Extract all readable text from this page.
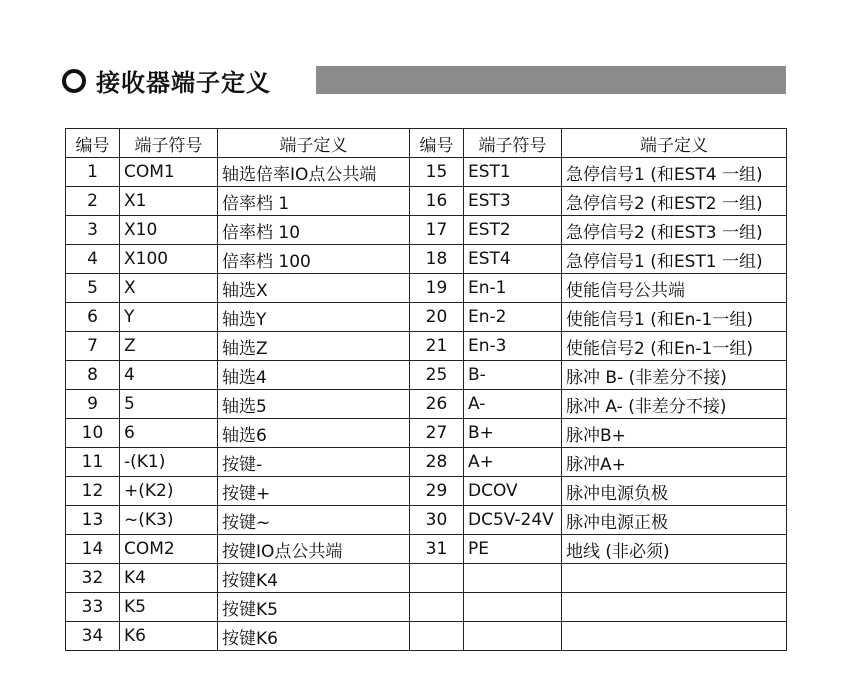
接收器端子定义
编号	端子符号	端子定义	编号	端子符号	端子定义
1	COM1	轴选倍率IO点公共端	15	EST1	急停信号1 (和EST4 一组)
2	X1	倍率档 1	16	EST3	急停信号2 (和EST2 一组)
3	X10	倍率档 10	17	EST2	急停信号2 (和EST3 一组)
4	X100	倍率档 100	18	EST4	急停信号1 (和EST1 一组)
5	X	轴选X	19	En-1	使能信号公共端
6	Y	轴选Y	20	En-2	使能信号1 (和En-1一组)
7	Z	轴选Z	21	En-3	使能信号2 (和En-1一组)
8	4	轴选4	25	B-	脉冲 B- (非差分不接)
9	5	轴选5	26	A-	脉冲 A- (非差分不接)
10	6	轴选6	27	B+	脉冲B+
11	-(K1)	按键-	28	A+	脉冲A+
12	+(K2)	按键+	29	DCOV	脉冲电源负极
13	~(K3)	按键~	30	DC5V-24V	脉冲电源正极
14	COM2	按键IO点公共端	31	PE	地线 (非必须)
32	K4	按键K4			
33	K5	按键K5			
34	K6	按键K6			
